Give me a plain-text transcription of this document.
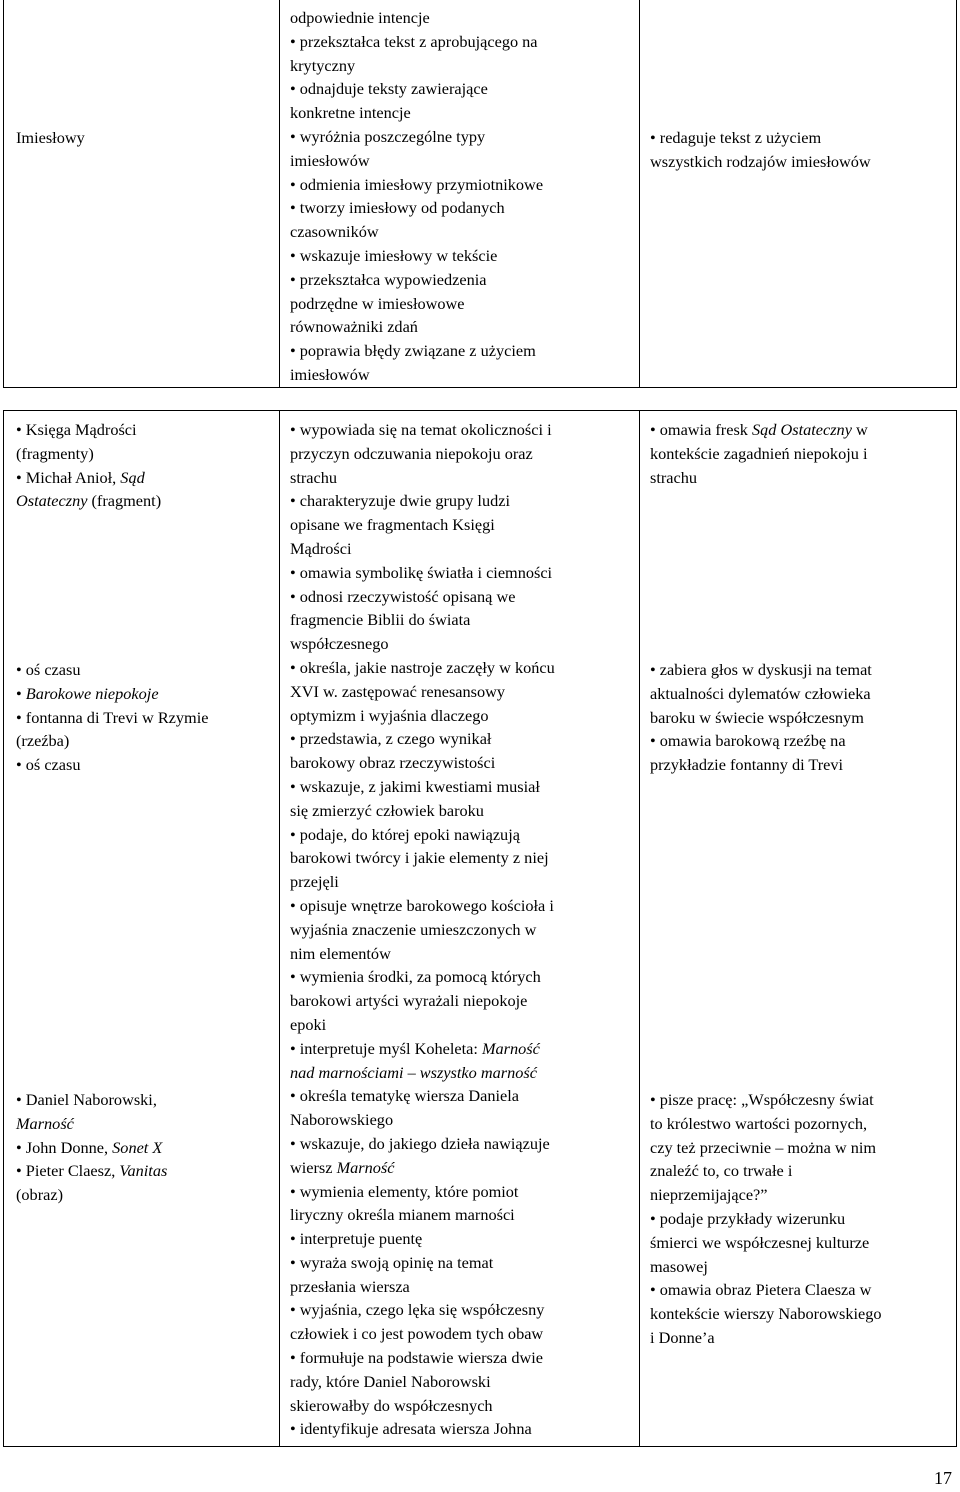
Imiesłowy
odpowiednie intencje
• przekształca tekst z aprobującego na
krytyczny
• odnajduje teksty zawierające
konkretne intencje
• wyróżnia poszczególne typy
imiesłowów
• odmienia imiesłowy przymiotnikowe
• tworzy imiesłowy od podanych
czasowników
• wskazuje imiesłowy w tekście
• przekształca wypowiedzenia
podrzędne w imiesłowowe
równoważniki zdań
• poprawia błędy związane z użyciem
imiesłowów
• redaguje tekst z użyciem
wszystkich rodzajów imiesłowów
• Księga Mądrości
(fragmenty)
• Michał Anioł, Sąd
Ostateczny (fragment)
• oś czasu
• Barokowe niepokoje
• fontanna di Trevi w Rzymie
(rzeźba)
• oś czasu
• Daniel Naborowski,
Marność
• John Donne, Sonet X
• Pieter Claesz, Vanitas
(obraz)
• wypowiada się na temat okoliczności i
przyczyn odczuwania niepokoju oraz
strachu
• charakteryzuje dwie grupy ludzi
opisane we fragmentach Księgi
Mądrości
• omawia symbolikę światła i ciemności
• odnosi rzeczywistość opisaną we
fragmencie Biblii do świata
współczesnego
• określa, jakie nastroje zaczęły w końcu
XVI w. zastępować renesansowy
optymizm i wyjaśnia dlaczego
• przedstawia, z czego wynikał
barokowy obraz rzeczywistości
• wskazuje, z jakimi kwestiami musiał
się zmierzyć człowiek baroku
• podaje, do której epoki nawiązują
barokowi twórcy i jakie elementy z niej
przejęli
• opisuje wnętrze barokowego kościoła i
wyjaśnia znaczenie umieszczonych w
nim elementów
• wymienia środki, za pomocą których
barokowi artyści wyrażali niepokoje
epoki
• interpretuje myśl Koheleta: Marność
nad marnościami – wszystko marność
• określa tematykę wiersza Daniela
Naborowskiego
• wskazuje, do jakiego dzieła nawiązuje
wiersz Marność
• wymienia elementy, które pomiot
liryczny określa mianem marności
• interpretuje puentę
• wyraża swoją opinię na temat
przesłania wiersza
• wyjaśnia, czego lęka się współczesny
człowiek i co jest powodem tych obaw
• formułuje na podstawie wiersza dwie
rady, które Daniel Naborowski
skierowałby do współczesnych
• identyfikuje adresata wiersza Johna
• omawia fresk Sąd Ostateczny w
kontekście zagadnień niepokoju i
strachu
• zabiera głos w dyskusji na temat
aktualności dylematów człowieka
baroku w świecie współczesnym
• omawia barokową rzeźbę na
przykładzie fontanny di Trevi
• pisze pracę: „Współczesny świat
to królestwo wartości pozornych,
czy też przeciwnie – można w nim
znaleźć to, co trwałe i
nieprzemijające?”
• podaje przykłady wizerunku
śmierci we współczesnej kulturze
masowej
• omawia obraz Pietera Claesza w
kontekście wierszy Naborowskiego
i Donne’a
17
